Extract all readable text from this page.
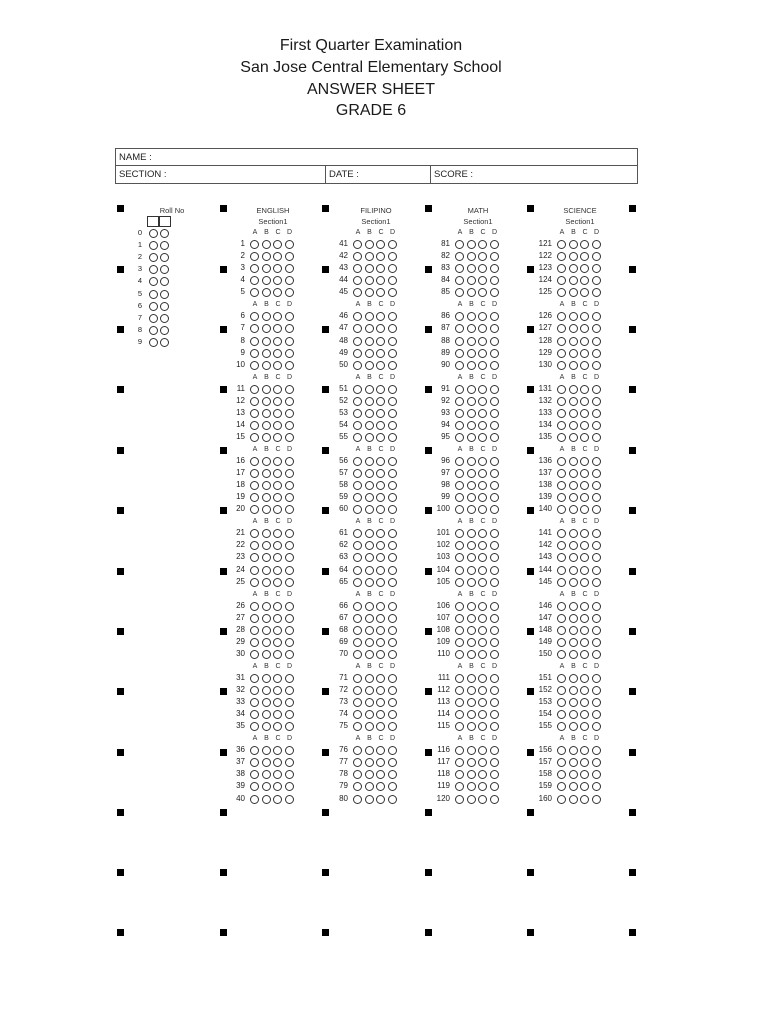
First Quarter Examination
San Jose Central Elementary School
ANSWER SHEET
GRADE 6
NAME :
SECTION :	DATE :	SCORE :
Roll No
0
1
2
3
4
5
6
7
8
9
ENGLISH
Section1
A B C D
1
2
3
4
5
A B C D
6
7
8
9
10
A B C D
11
12
13
14
15
A B C D
16
17
18
19
20
A B C D
21
22
23
24
25
A B C D
26
27
28
29
30
A B C D
31
32
33
34
35
A B C D
36
37
38
39
40
FILIPINO
Section1
A B C D
41
42
43
44
45
A B C D
46
47
48
49
50
A B C D
51
52
53
54
55
A B C D
56
57
58
59
60
A B C D
61
62
63
64
65
A B C D
66
67
68
69
70
A B C D
71
72
73
74
75
A B C D
76
77
78
79
80
MATH
Section1
A B C D
81
82
83
84
85
A B C D
86
87
88
89
90
A B C D
91
92
93
94
95
A B C D
96
97
98
99
100
A B C D
101
102
103
104
105
A B C D
106
107
108
109
110
A B C D
111
112
113
114
115
A B C D
116
117
118
119
120
SCIENCE
Section1
A B C D
121
122
123
124
125
A B C D
126
127
128
129
130
A B C D
131
132
133
134
135
A B C D
136
137
138
139
140
A B C D
141
142
143
144
145
A B C D
146
147
148
149
150
A B C D
151
152
153
154
155
A B C D
156
157
158
159
160
